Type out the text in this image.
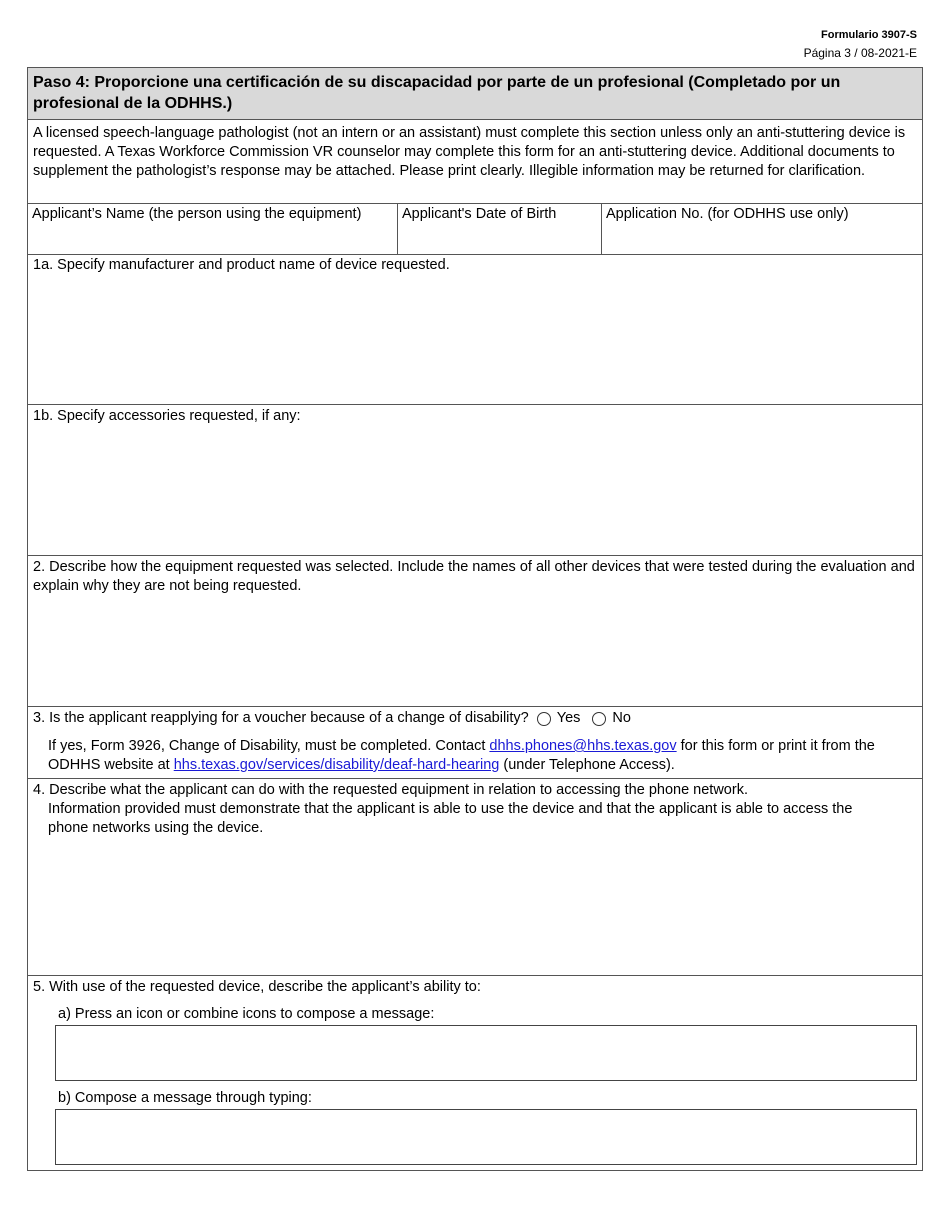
Formulario 3907-S
Página 3 / 08-2021-E
Paso 4: Proporcione una certificación de su discapacidad por parte de un profesional (Completado por un profesional de la ODHHS.)
A licensed speech-language pathologist (not an intern or an assistant) must complete this section unless only an anti-stuttering device is requested. A Texas Workforce Commission VR counselor may complete this form for an anti-stuttering device. Additional documents to supplement the pathologist’s response may be attached. Please print clearly. Illegible information may be returned for clarification.
Applicant’s Name (the person using the equipment)	Applicant's Date of Birth	Application No. (for ODHHS use only)
1a. Specify manufacturer and product name of device requested.
1b. Specify accessories requested, if any:
2. Describe how the equipment requested was selected. Include the names of all other devices that were tested during the evaluation and explain why they are not being requested.
3. Is the applicant reapplying for a voucher because of a change of disability? Yes No
If yes, Form 3926, Change of Disability, must be completed. Contact dhhs.phones@hhs.texas.gov for this form or print it from the ODHHS website at hhs.texas.gov/services/disability/deaf-hard-hearing (under Telephone Access).
4. Describe what the applicant can do with the requested equipment in relation to accessing the phone network.
Information provided must demonstrate that the applicant is able to use the device and that the applicant is able to access the phone networks using the device.
5. With use of the requested device, describe the applicant’s ability to:
a) Press an icon or combine icons to compose a message:
b) Compose a message through typing:
